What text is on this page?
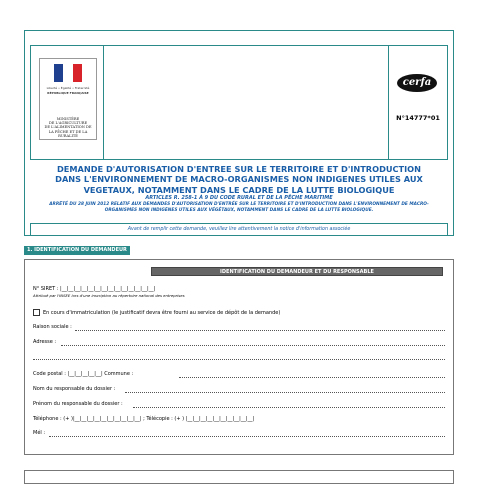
Liberté • Égalité • Fraternité
RÉPUBLIQUE FRANÇAISE
MINISTÈRE
DE L'AGRICULTURE
DE L'ALIMENTATION DE
LA PÊCHE ET DE LA RURALITÉ
cerfa
N°14777*01
DEMANDE D'AUTORISATION D'ENTREE SUR LE TERRITOIRE ET D'INTRODUCTION
DANS L'ENVIRONNEMENT DE MACRO-ORGANISMES NON INDIGENES UTILES AUX
VEGETAUX, NOTAMMENT DANS LE CADRE DE LA LUTTE BIOLOGIQUE
ARTICLES R. 258-1 À 9 DU CODE RURAL ET DE LA PÊCHE MARITIME
ARRÊTÉ DU 28 JUIN 2012 RELATIF AUX DEMANDES D'AUTORISATION D'ENTRÉE SUR LE TERRITOIRE ET D'INTRODUCTION DANS L'ENVIRONNEMENT DE MACRO-ORGANISMES NON INDIGÈNES UTILES AUX VÉGÉTAUX, NOTAMMENT DANS LE CADRE DE LA LUTTE BIOLOGIQUE.
Avant de remplir cette demande, veuillez lire attentivement la notice d'information associée
1. IDENTIFICATION DU DEMANDEUR
IDENTIFICATION DU DEMANDEUR ET DU RESPONSABLE
N° SIRET : |__|__|__|__|__|__|__|__|__|__|__|__|__|__|
Attribué par l'INSEE lors d'une inscription au répertoire national des entreprises
En cours d'immatriculation (le justificatif devra être fourni au service de dépôt de la demande)
Raison sociale :
Adresse :
Code postal : |__|__|__|__|__| Commune :
Nom du responsable du dossier :
Prénom du responsable du dossier :
Téléphone : (+ )|__|__|__|__|__|__|__|__|__|__| ; Télécopie : (+ ) |__|__|__|__|__|__|__|__|__|__|
Mél :
